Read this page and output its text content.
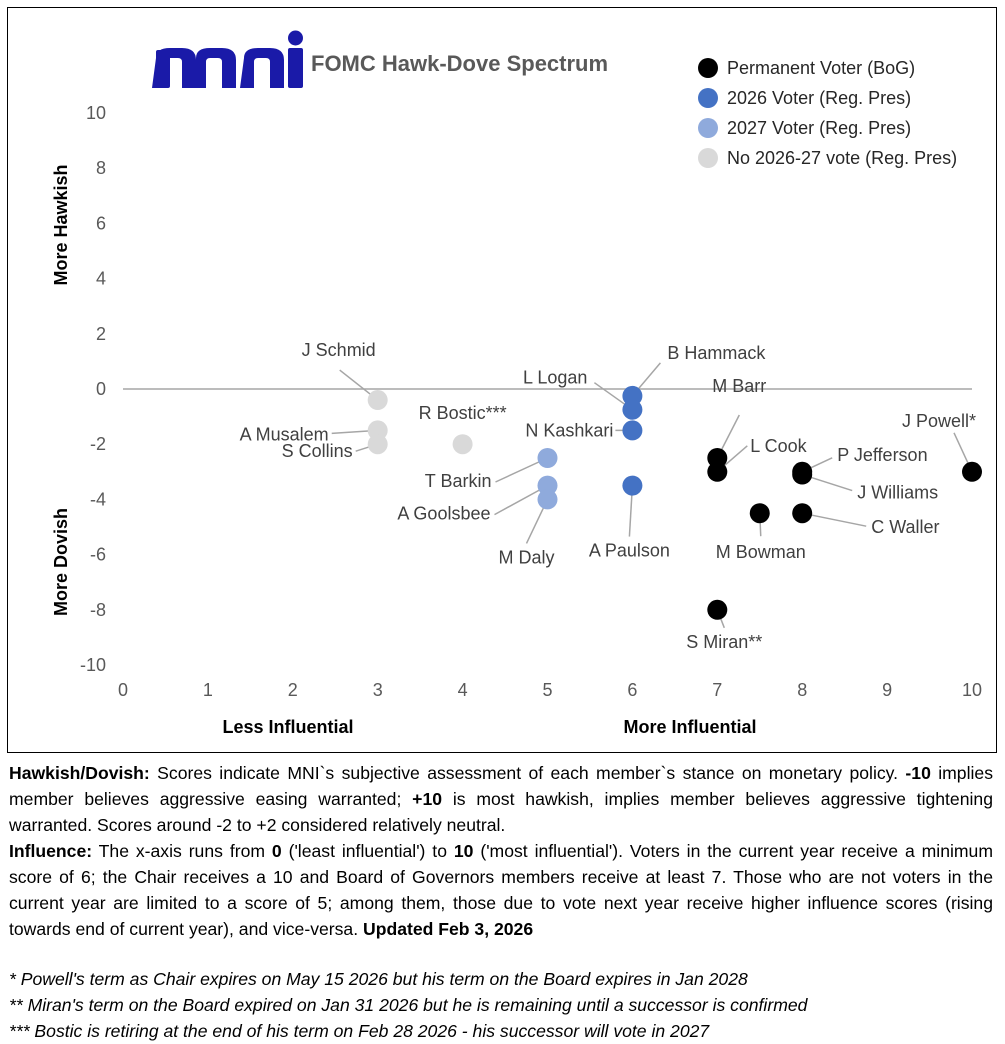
FOMC Hawk-Dove Spectrum
J Schmid
A Musalem
S Collins
R Bostic***
T Barkin
A Goolsbee
M Daly
B Hammack
L Logan
N Kashkari
A Paulson
M Barr
L Cook
S Miran**
M Bowman
P Jefferson
J Williams
C Waller
J Powell*
0	1	2	3	4	5	6	7	8	9	10
10
8
6
4
2
0
-2
-4
-6
-8
-10
More Hawkish
More Dovish
Less Influential	More Influential
Permanent Voter (BoG)
2026 Voter (Reg. Pres)
2027 Voter (Reg. Pres)
No 2026-27 vote (Reg. Pres)

Hawkish/Dovish: Scores indicate MNI`s subjective assessment of each member`s stance on monetary policy. -10 implies member believes aggressive easing warranted; +10 is most hawkish, implies member believes aggressive tightening warranted. Scores around -2 to +2 considered relatively neutral.

Influence: The x-axis runs from 0 ('least influential') to 10 ('most influential'). Voters in the current year receive a minimum score of 6; the Chair receives a 10 and Board of Governors members receive at least 7. Those who are not voters in the current year are limited to a score of 5; among them, those due to vote next year receive higher influence scores (rising towards end of current year), and vice-versa. Updated Feb 3, 2026

* Powell's term as Chair expires on May 15 2026 but his term on the Board expires in Jan 2028

** Miran's term on the Board expired on Jan 31 2026 but he is remaining until a successor is confirmed

*** Bostic is retiring at the end of his term on Feb 28 2026 - his successor will vote in 2027
